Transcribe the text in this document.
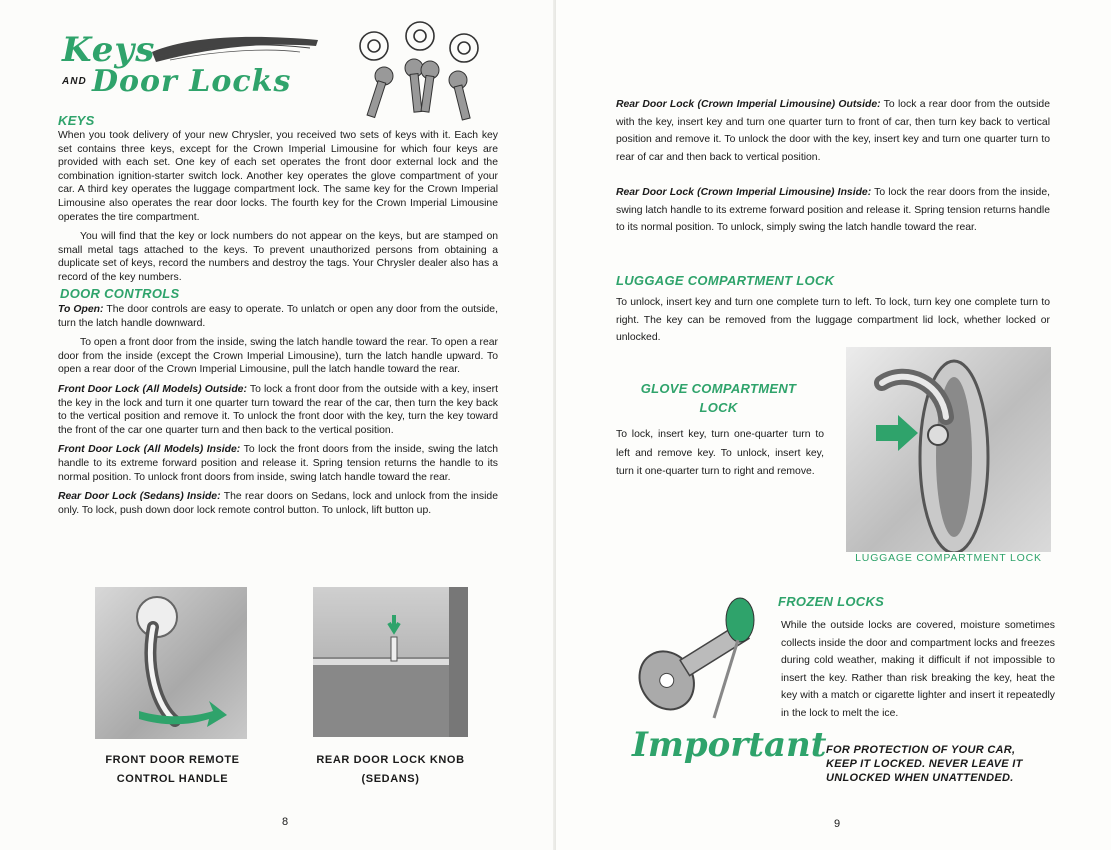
Keys
AND Door Locks
KEYS

When you took delivery of your new Chrysler, you received two sets of keys with it. Each key set contains three keys, except for the Crown Imperial Limousine for which four keys are provided with each set. One key of each set operates the front door external lock and the combination ignition-starter switch lock. Another key operates the glove compartment of your car. A third key operates the luggage compartment lock. The same key for the Crown Imperial Limousine also operates the rear door locks. The fourth key for the Crown Imperial Limousine operates the tire compartment.

You will find that the key or lock numbers do not appear on the keys, but are stamped on small metal tags attached to the keys. To prevent unauthorized persons from obtaining a duplicate set of keys, record the numbers and destroy the tags. Your Chrysler dealer also has a record of the key numbers.

DOOR CONTROLS

To Open: The door controls are easy to operate. To unlatch or open any door from the outside, turn the latch handle downward.

To open a front door from the inside, swing the latch handle toward the rear. To open a rear door from the inside (except the Crown Imperial Limousine), turn the latch handle upward. To open a rear door of the Crown Imperial Limousine, pull the latch handle toward the rear.

Front Door Lock (All Models) Outside: To lock a front door from the outside with a key, insert the key in the lock and turn it one quarter turn toward the rear of the car, then turn the key back to the vertical position and remove it. To unlock the front door with the key, turn the key toward the front of the car one quarter turn and then back to the vertical position.

Front Door Lock (All Models) Inside: To lock the front doors from the inside, swing the latch handle to its extreme forward position and release it. Spring tension returns the handle to its normal position. To unlock front doors from inside, swing latch handle toward the rear.

Rear Door Lock (Sedans) Inside: The rear doors on Sedans, lock and unlock from the inside only. To lock, push down door lock remote control button. To unlock, lift button up.

FRONT DOOR REMOTE
CONTROL HANDLE
REAR DOOR LOCK KNOB
(SEDANS)
8

Rear Door Lock (Crown Imperial Limousine) Outside: To lock a rear door from the outside with the key, insert key and turn one quarter turn to front of car, then turn key back to vertical position and remove it. To unlock the door with the key, insert key and turn one quarter turn to rear of car and then back to vertical position.

Rear Door Lock (Crown Imperial Limousine) Inside: To lock the rear doors from the inside, swing latch handle to its extreme forward position and release it. Spring tension returns handle to its normal position. To unlock, simply swing the latch handle toward the rear.

LUGGAGE COMPARTMENT LOCK
To unlock, insert key and turn one complete turn to left. To lock, turn key one complete turn to right. The key can be removed from the luggage compartment lid lock, whether locked or unlocked.
GLOVE COMPARTMENT
LOCK
To lock, insert key, turn one-quarter turn to left and remove key. To unlock, insert key, turn it one-quarter turn to right and remove.
LUGGAGE COMPARTMENT LOCK
FROZEN LOCKS
While the outside locks are covered, moisture sometimes collects inside the door and compartment locks and freezes during cold weather, making it difficult if not impossible to insert the key. Rather than risk breaking the key, heat the key with a match or cigarette lighter and insert it repeatedly in the lock to melt the ice.
Important FOR PROTECTION OF YOUR CAR,
KEEP IT LOCKED. NEVER LEAVE IT
UNLOCKED WHEN UNATTENDED.
9
